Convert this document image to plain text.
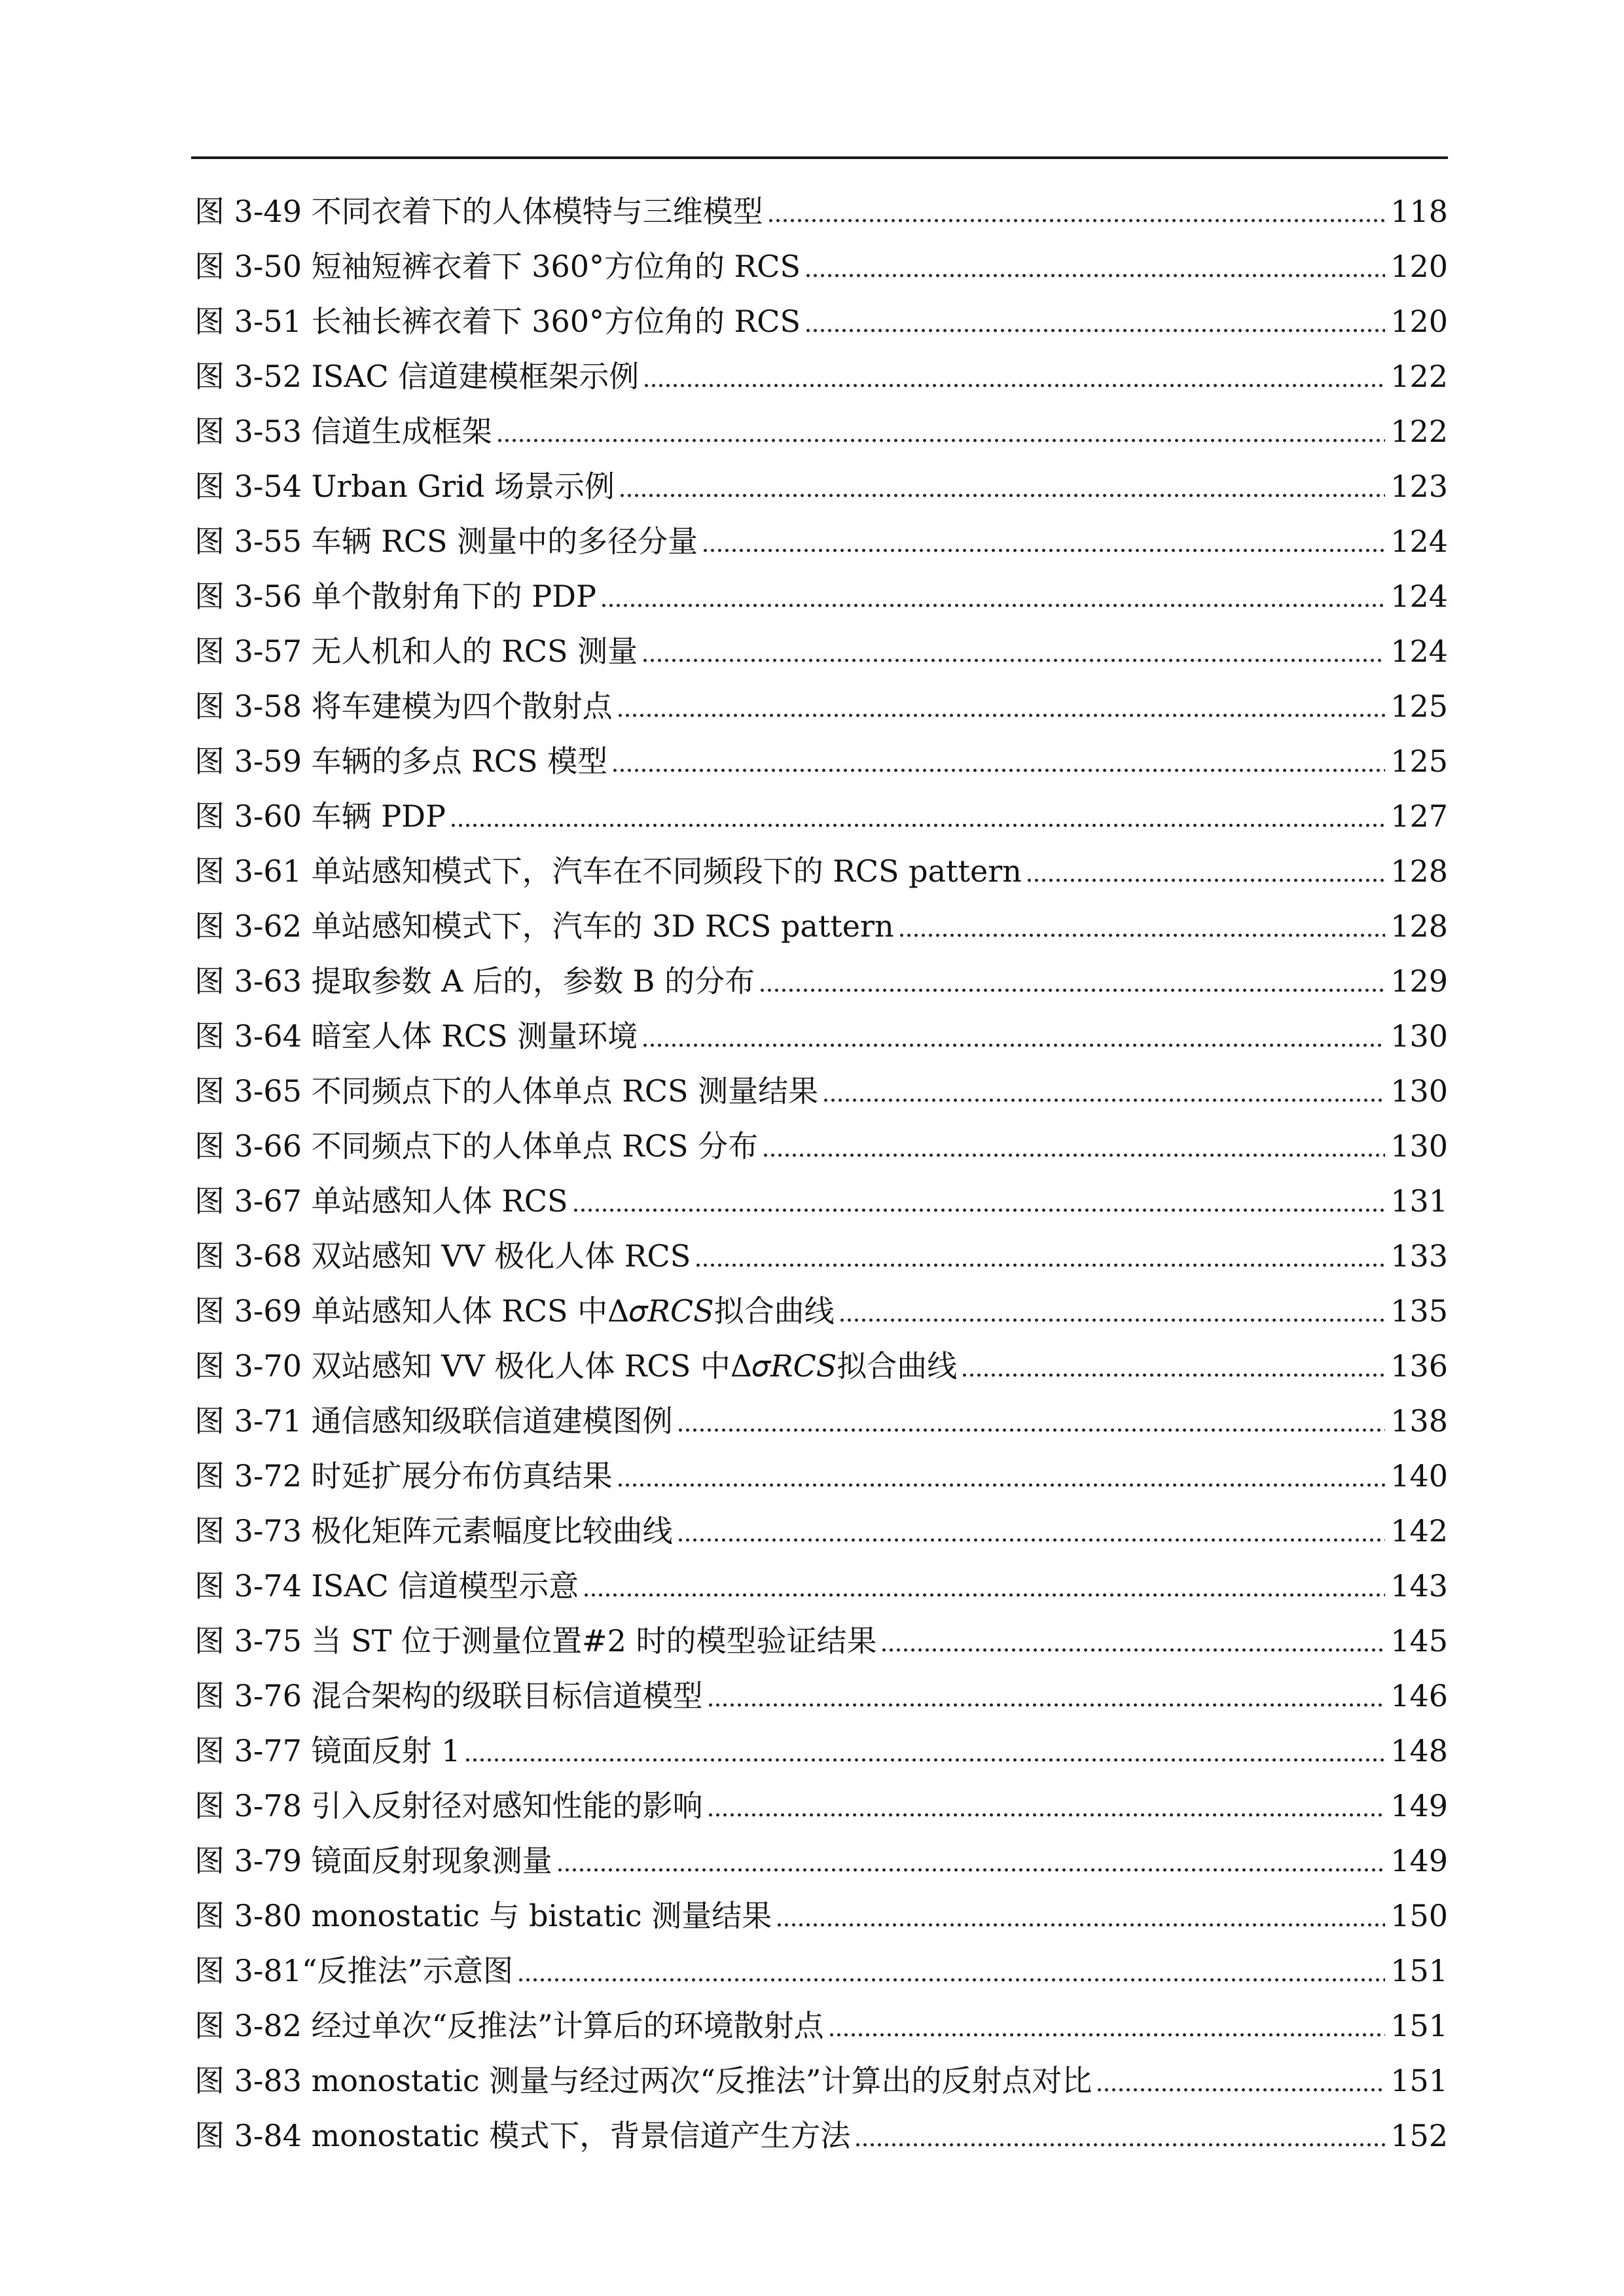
图 3-49 不同衣着下的人体模特与三维模型	118
图 3-50 短袖短裤衣着下 360°方位角的 RCS	120
图 3-51 长袖长裤衣着下 360°方位角的 RCS	120
图 3-52 ISAC 信道建模框架示例	122
图 3-53 信道生成框架	122
图 3-54 Urban Grid 场景示例	123
图 3-55 车辆 RCS 测量中的多径分量	124
图 3-56 单个散射角下的 PDP	124
图 3-57 无人机和人的 RCS 测量	124
图 3-58 将车建模为四个散射点	125
图 3-59 车辆的多点 RCS 模型	125
图 3-60 车辆 PDP	127
图 3-61 单站感知模式下，汽车在不同频段下的 RCS pattern	128
图 3-62 单站感知模式下，汽车的 3D RCS pattern	128
图 3-63 提取参数 A 后的，参数 B 的分布	129
图 3-64 暗室人体 RCS 测量环境	130
图 3-65 不同频点下的人体单点 RCS 测量结果	130
图 3-66 不同频点下的人体单点 RCS 分布	130
图 3-67 单站感知人体 RCS	131
图 3-68 双站感知 VV 极化人体 RCS	133
图 3-69 单站感知人体 RCS 中Δ𝜎𝑅𝐶𝑆拟合曲线	135
图 3-70 双站感知 VV 极化人体 RCS 中Δ𝜎𝑅𝐶𝑆拟合曲线	136
图 3-71 通信感知级联信道建模图例	138
图 3-72 时延扩展分布仿真结果	140
图 3-73 极化矩阵元素幅度比较曲线	142
图 3-74 ISAC 信道模型示意	143
图 3-75 当 ST 位于测量位置#2 时的模型验证结果	145
图 3-76 混合架构的级联目标信道模型	146
图 3-77 镜面反射 1	148
图 3-78 引入反射径对感知性能的影响	149
图 3-79 镜面反射现象测量	149
图 3-80 monostatic 与 bistatic 测量结果	150
图 3-81“反推法”示意图	151
图 3-82 经过单次“反推法”计算后的环境散射点	151
图 3-83 monostatic 测量与经过两次“反推法”计算出的反射点对比	151
图 3-84 monostatic 模式下，背景信道产生方法	152
